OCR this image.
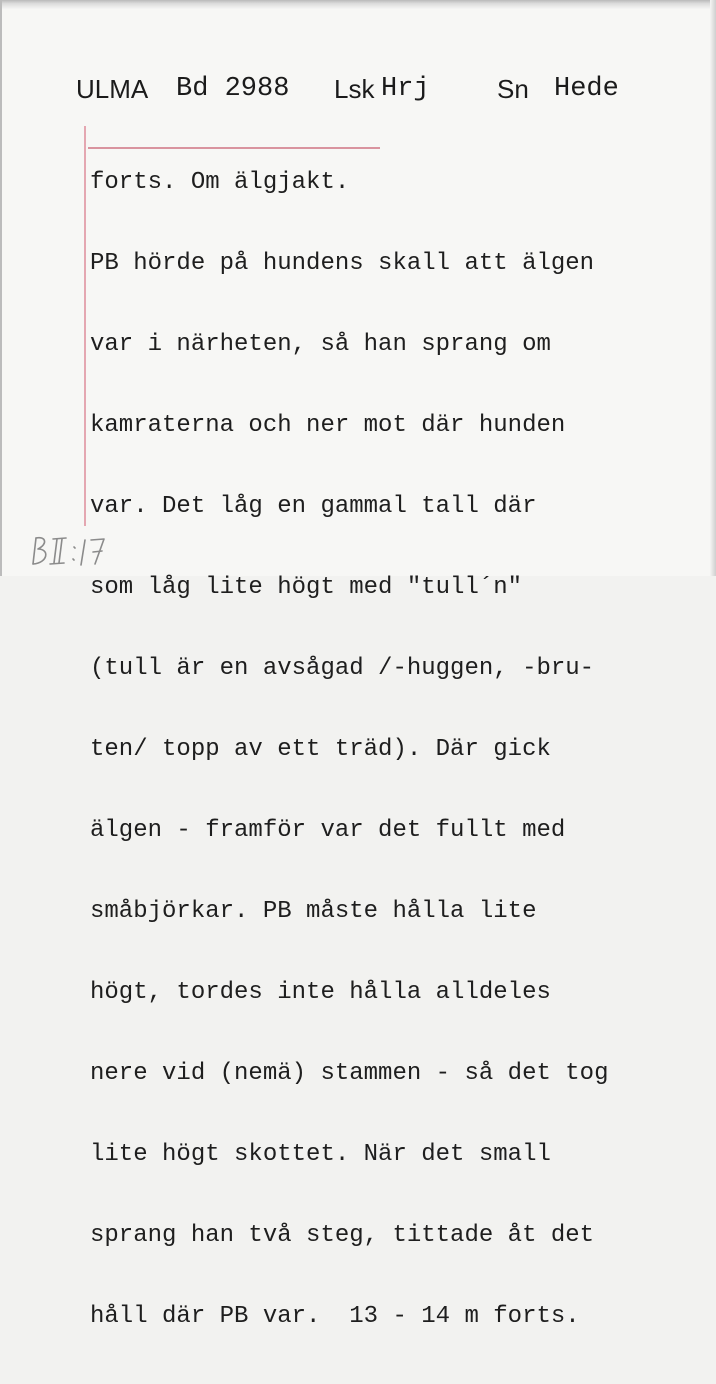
ULMA Bd 2988 Lsk Hrj	Sn Hede

forts. Om älgjakt.

PB hörde på hundens skall att älgen

var i närheten, så han sprang om

kamraterna och ner mot där hunden

var. Det låg en gammal tall där

som låg lite högt med "tull´n"

(tull är en avsågad /-huggen, -bru-

ten/ topp av ett träd). Där gick

älgen - framför var det fullt med

småbjörkar. PB måste hålla lite

högt, tordes inte hålla alldeles

nere vid (nemä) stammen - så det tog

lite högt skottet. När det small

sprang han två steg, tittade åt det

håll där PB var.  13 - 14 m forts.
